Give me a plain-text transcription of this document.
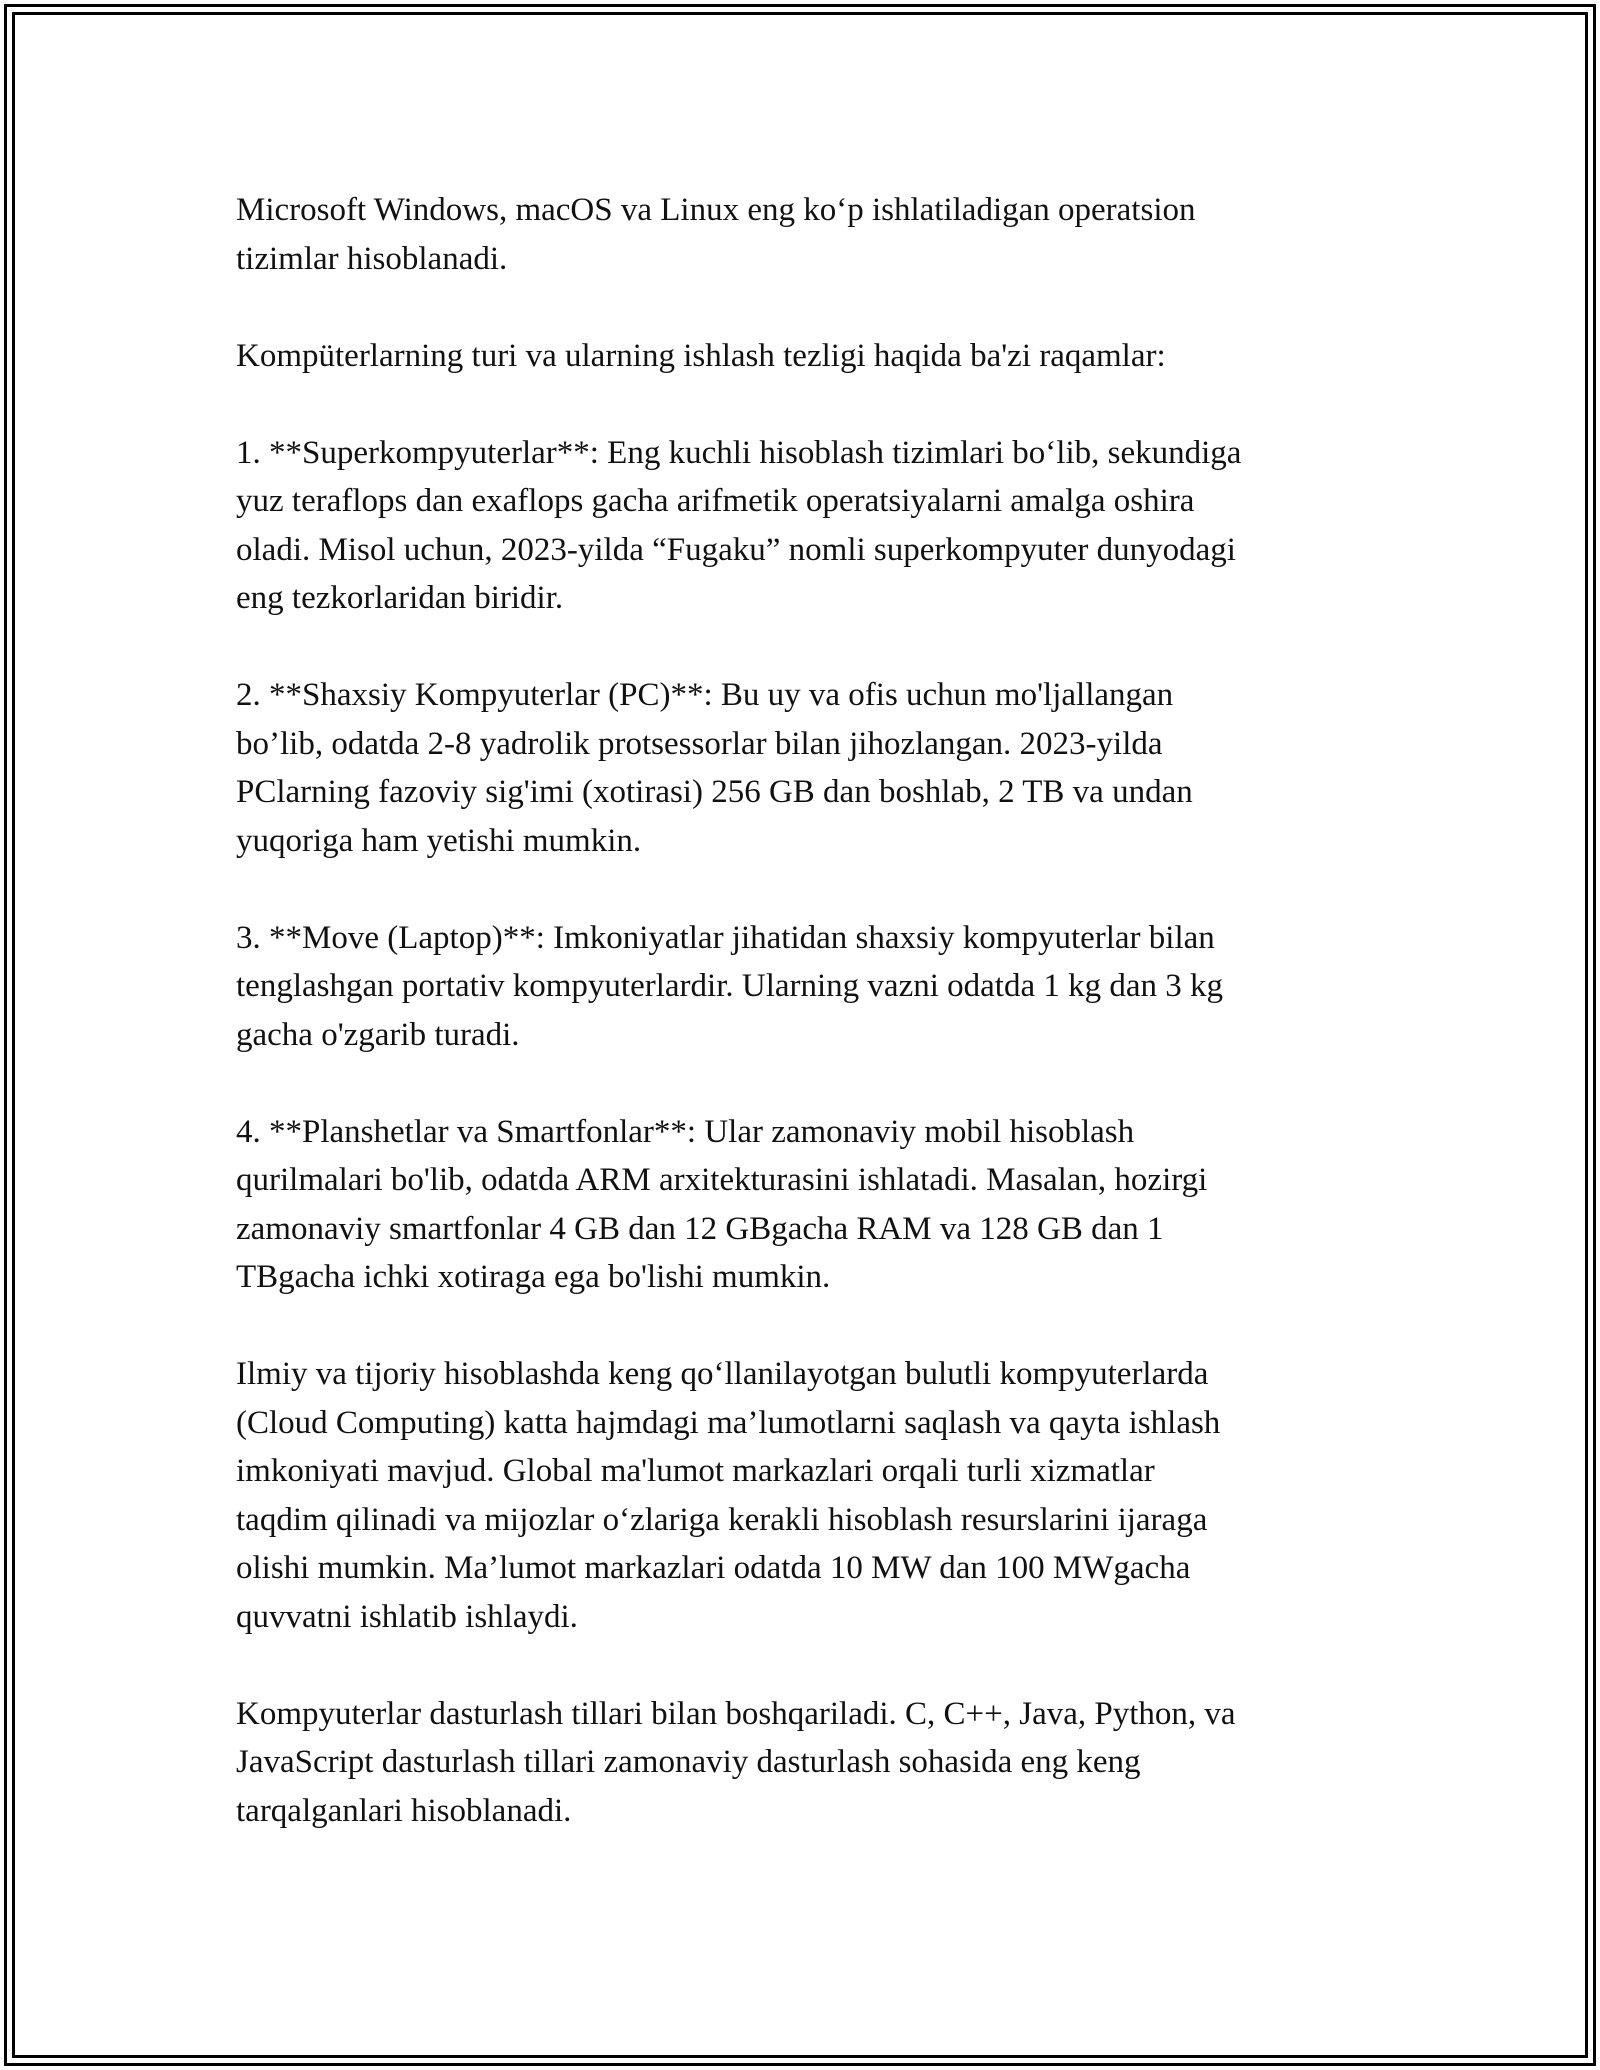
Microsoft Windows, macOS va Linux eng ko‘p ishlatiladigan operatsion
tizimlar hisoblanadi.

Kompüterlarning turi va ularning ishlash tezligi haqida ba'zi raqamlar:

1. **Superkompyuterlar**: Eng kuchli hisoblash tizimlari bo‘lib, sekundiga
yuz teraflops dan exaflops gacha arifmetik operatsiyalarni amalga oshira
oladi. Misol uchun, 2023-yilda “Fugaku” nomli superkompyuter dunyodagi
eng tezkorlaridan biridir.

2. **Shaxsiy Kompyuterlar (PC)**: Bu uy va ofis uchun mo'ljallangan
bo’lib, odatda 2-8 yadrolik protsessorlar bilan jihozlangan. 2023-yilda
PClarning fazoviy sig'imi (xotirasi) 256 GB dan boshlab, 2 TB va undan
yuqoriga ham yetishi mumkin.

3. **Move (Laptop)**: Imkoniyatlar jihatidan shaxsiy kompyuterlar bilan
tenglashgan portativ kompyuterlardir. Ularning vazni odatda 1 kg dan 3 kg
gacha o'zgarib turadi.

4. **Planshetlar va Smartfonlar**: Ular zamonaviy mobil hisoblash
qurilmalari bo'lib, odatda ARM arxitekturasini ishlatadi. Masalan, hozirgi
zamonaviy smartfonlar 4 GB dan 12 GBgacha RAM va 128 GB dan 1
TBgacha ichki xotiraga ega bo'lishi mumkin.

Ilmiy va tijoriy hisoblashda keng qo‘llanilayotgan bulutli kompyuterlarda
(Cloud Computing) katta hajmdagi ma’lumotlarni saqlash va qayta ishlash
imkoniyati mavjud. Global ma'lumot markazlari orqali turli xizmatlar
taqdim qilinadi va mijozlar o‘zlariga kerakli hisoblash resurslarini ijaraga
olishi mumkin. Ma’lumot markazlari odatda 10 MW dan 100 MWgacha
quvvatni ishlatib ishlaydi.

Kompyuterlar dasturlash tillari bilan boshqariladi. C, C++, Java, Python, va
JavaScript dasturlash tillari zamonaviy dasturlash sohasida eng keng
tarqalganlari hisoblanadi.
